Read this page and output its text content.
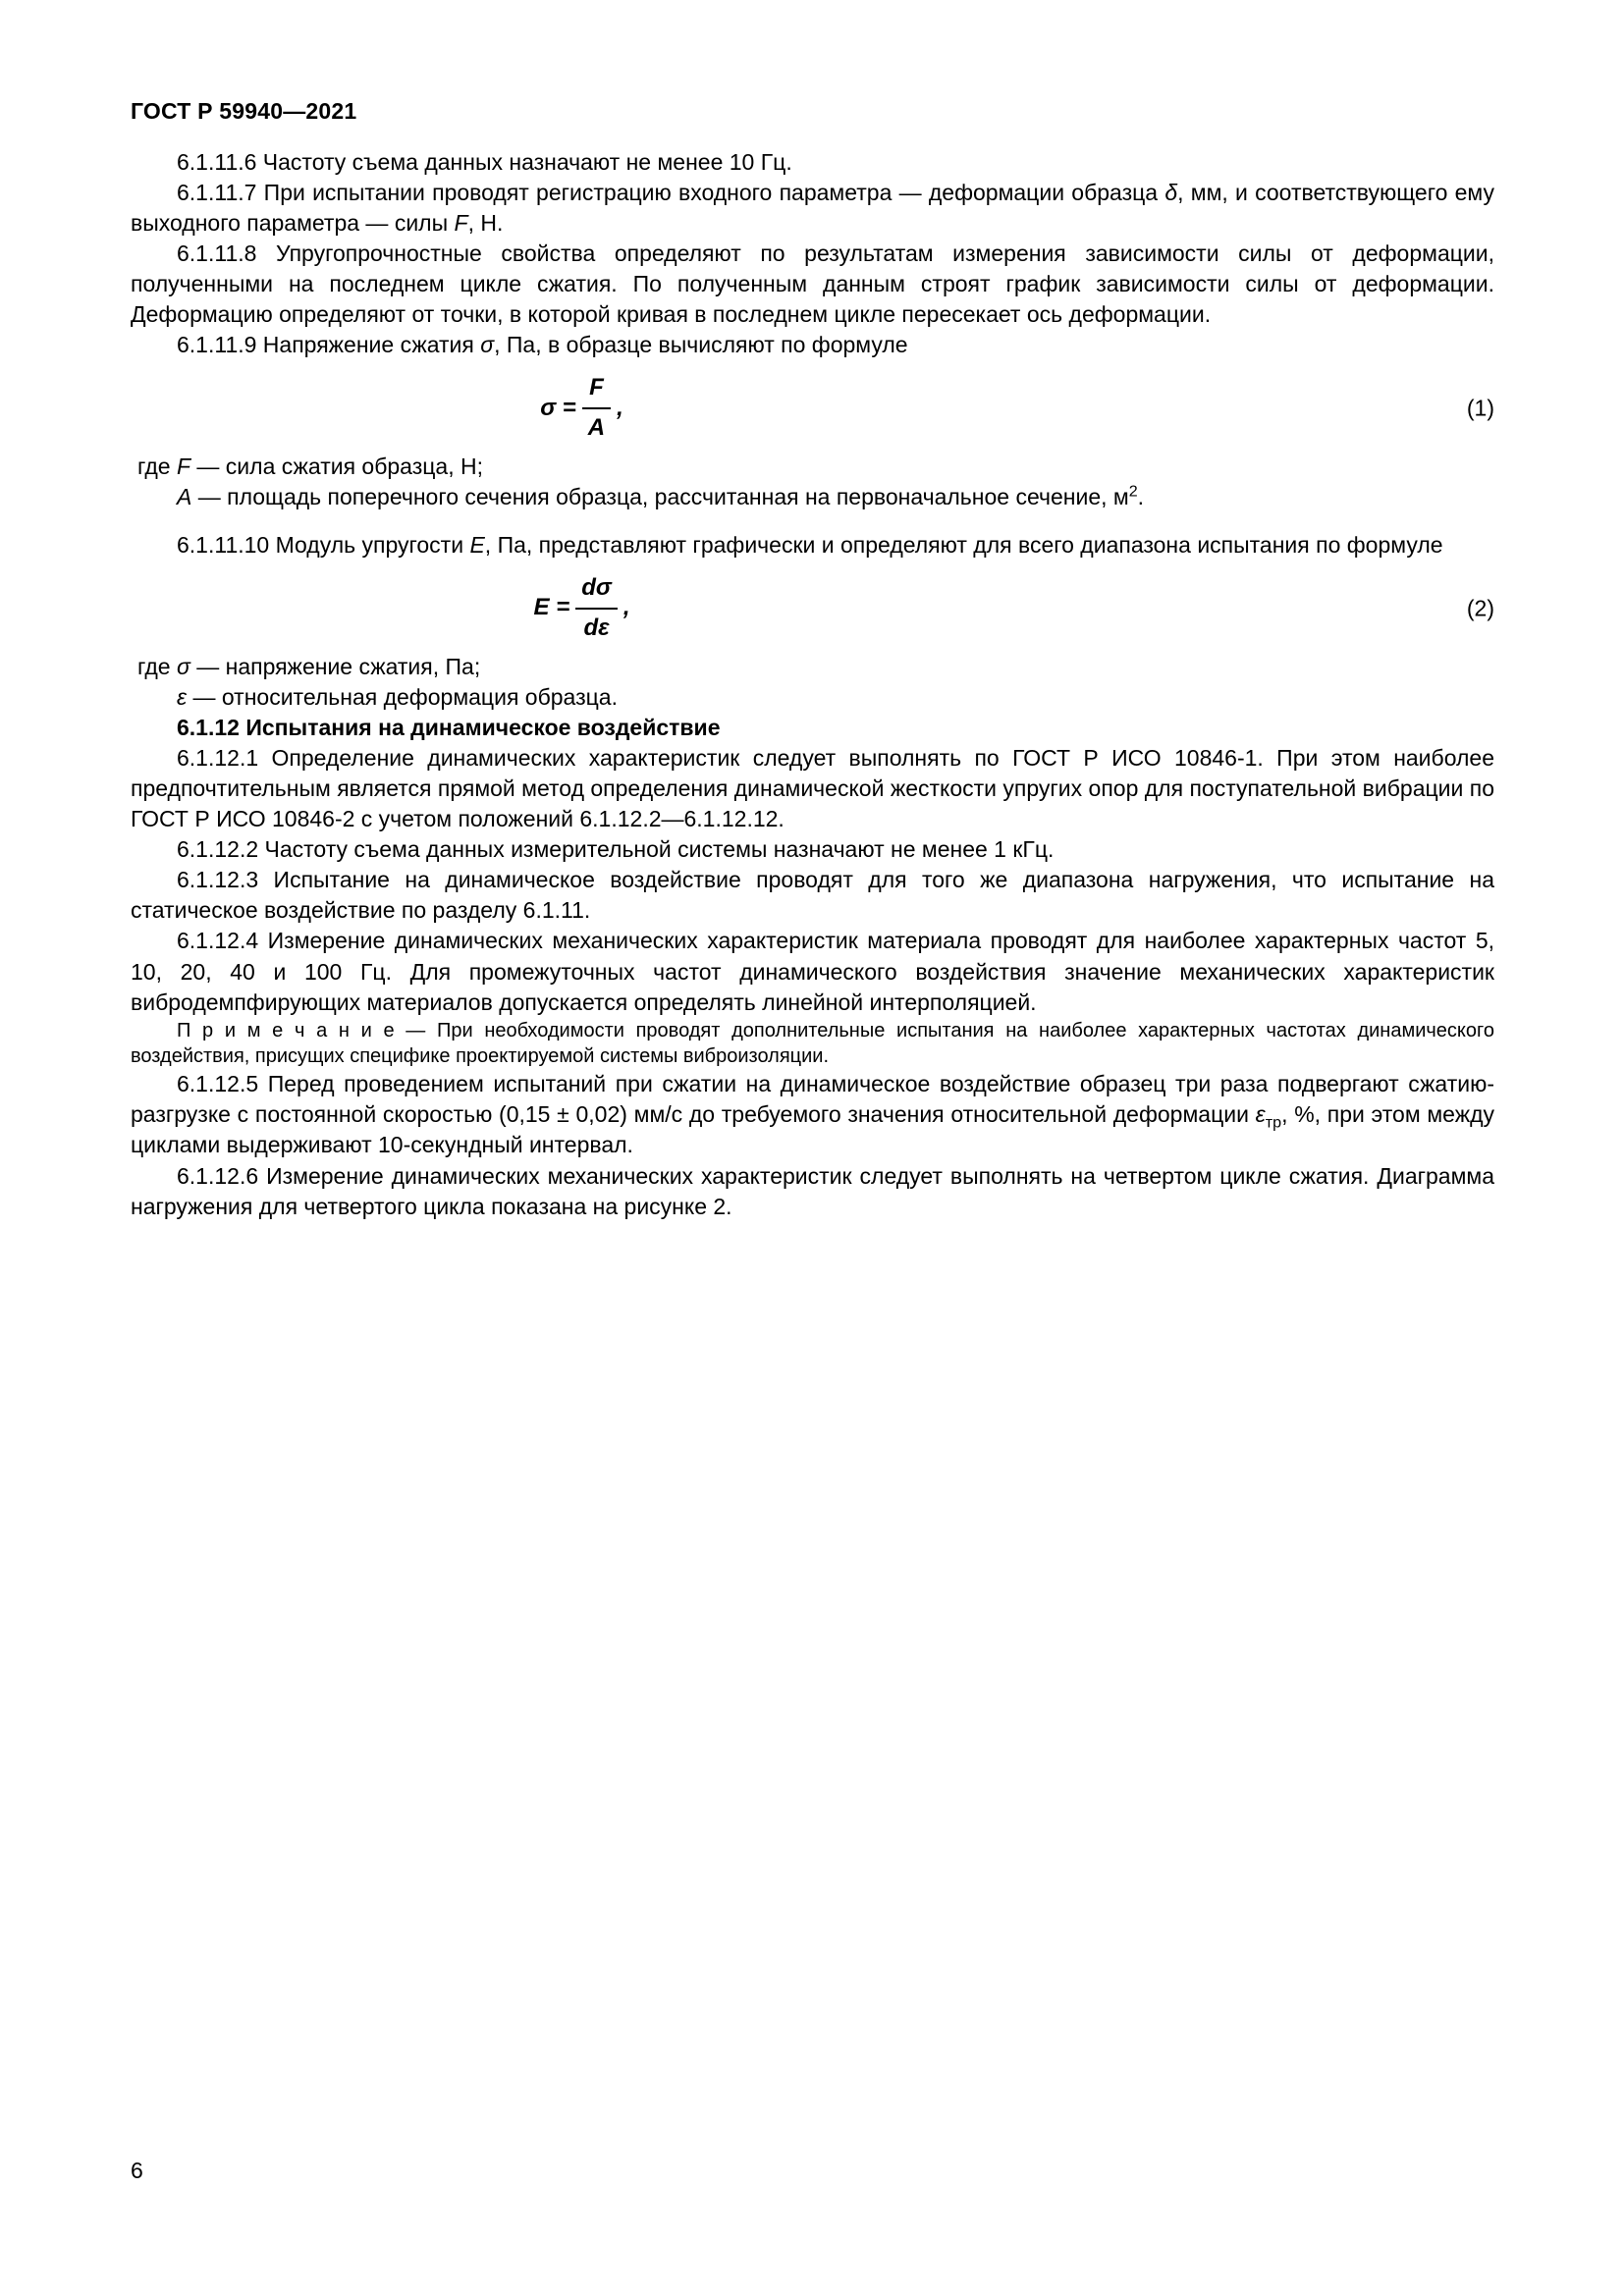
ГОСТ Р 59940—2021

6.1.11.6 Частоту съема данных назначают не менее 10 Гц.

6.1.11.7 При испытании проводят регистрацию входного параметра — деформации образца δ, мм, и соответствующего ему выходного параметра — силы F, Н.

6.1.11.8 Упругопрочностные свойства определяют по результатам измерения зависимости силы от деформации, полученными на последнем цикле сжатия. По полученным данным строят график зависимости силы от деформации. Деформацию определяют от точки, в которой кривая в последнем цикле пересекает ось деформации.

6.1.11.9 Напряжение сжатия σ, Па, в образце вычисляют по формуле

$\sigma = \frac{F}{A}$ ,	(1)

где F — сила сжатия образца, Н;

A — площадь поперечного сечения образца, рассчитанная на первоначальное сечение, $м^2$.

6.1.11.10 Модуль упругости E, Па, представляют графически и определяют для всего диапазона испытания по формуле

$E = \frac{d\sigma}{d\varepsilon}$ ,	(2)

где σ — напряжение сжатия, Па;

ε — относительная деформация образца.

6.1.12 Испытания на динамическое воздействие

6.1.12.1 Определение динамических характеристик следует выполнять по ГОСТ Р ИСО 10846-1. При этом наиболее предпочтительным является прямой метод определения динамической жесткости упругих опор для поступательной вибрации по ГОСТ Р ИСО 10846-2 с учетом положений 6.1.12.2—6.1.12.12.

6.1.12.2 Частоту съема данных измерительной системы назначают не менее 1 кГц.

6.1.12.3 Испытание на динамическое воздействие проводят для того же диапазона нагружения, что испытание на статическое воздействие по разделу 6.1.11.

6.1.12.4 Измерение динамических механических характеристик материала проводят для наиболее характерных частот 5, 10, 20, 40 и 100 Гц. Для промежуточных частот динамического воздействия значение механических характеристик вибродемпфирующих материалов допускается определять линейной интерполяцией.

П р и м е ч а н и е — При необходимости проводят дополнительные испытания на наиболее характерных частотах динамического воздействия, присущих специфике проектируемой системы виброизоляции.

6.1.12.5 Перед проведением испытаний при сжатии на динамическое воздействие образец три раза подвергают сжатию-разгрузке с постоянной скоростью (0,15 ± 0,02) мм/с до требуемого значения относительной деформации $\varepsilon_{тр}$, %, при этом между циклами выдерживают 10-секундный интервал.

6.1.12.6 Измерение динамических механических характеристик следует выполнять на четвертом цикле сжатия. Диаграмма нагружения для четвертого цикла показана на рисунке 2.

6
